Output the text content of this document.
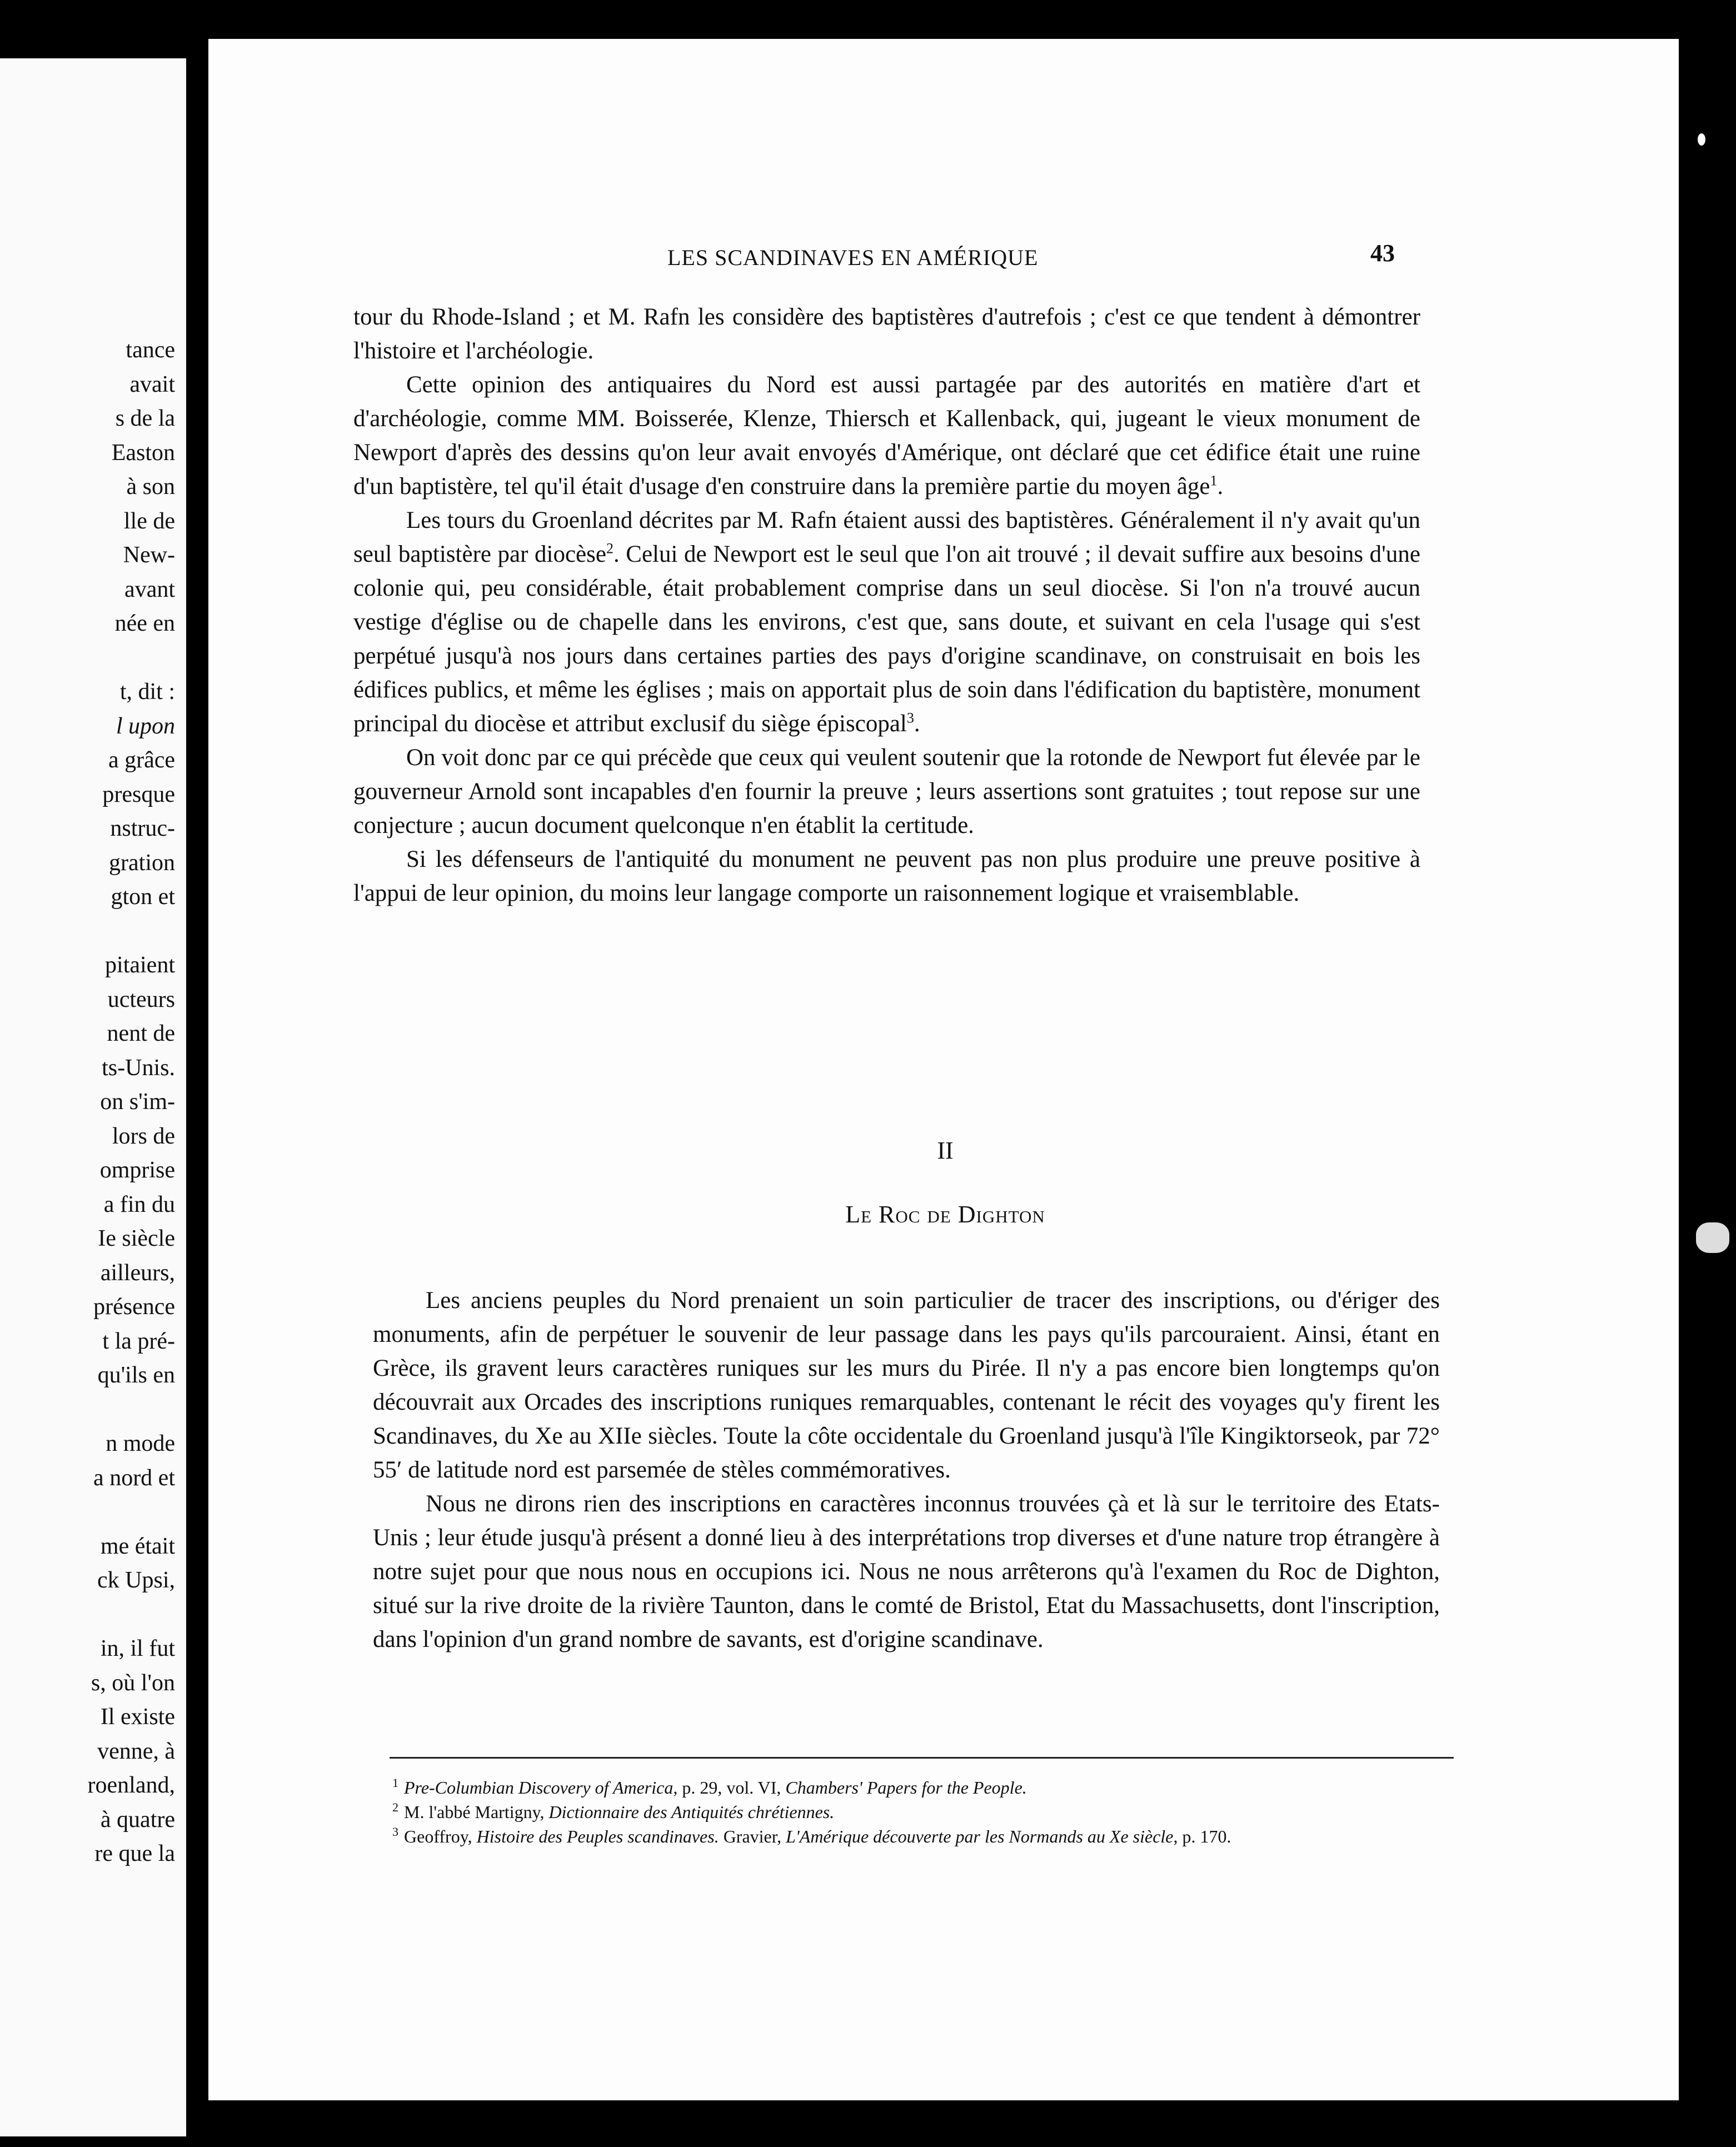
tance
avait
s de la
Easton
à son
lle de
New-
avant
née en
t, dit :
l upon
a grâce
presque
nstruc-
gration
gton et
pitaient
ucteurs
nent de
ts-Unis.
on s'im-
lors de
omprise
a fin du
Ie siècle
ailleurs,
présence
t la pré-
qu'ils en
n mode
a nord et
me était
ck Upsi,
in, il fut
s, où l'on
Il existe
venne, à
roenland,
à quatre
re que la
LES SCANDINAVES EN AMÉRIQUE	43

tour du Rhode-Island ; et M. Rafn les considère des baptistères d'autrefois ; c'est ce que tendent à démontrer l'histoire et l'archéologie.

Cette opinion des antiquaires du Nord est aussi partagée par des autorités en matière d'art et d'archéologie, comme MM. Boisserée, Klenze, Thiersch et Kallenback, qui, jugeant le vieux monument de Newport d'après des dessins qu'on leur avait envoyés d'Amérique, ont déclaré que cet édifice était une ruine d'un baptistère, tel qu'il était d'usage d'en construire dans la première partie du moyen âge$^1$.

Les tours du Groenland décrites par M. Rafn étaient aussi des baptistères. Généralement il n'y avait qu'un seul baptistère par diocèse$^2$. Celui de Newport est le seul que l'on ait trouvé ; il devait suffire aux besoins d'une colonie qui, peu considérable, était probablement comprise dans un seul diocèse. Si l'on n'a trouvé aucun vestige d'église ou de chapelle dans les environs, c'est que, sans doute, et suivant en cela l'usage qui s'est perpétué jusqu'à nos jours dans certaines parties des pays d'origine scandinave, on construisait en bois les édifices publics, et même les églises ; mais on apportait plus de soin dans l'édification du baptistère, monument principal du diocèse et attribut exclusif du siège épiscopal$^3$.

On voit donc par ce qui précède que ceux qui veulent soutenir que la rotonde de Newport fut élevée par le gouverneur Arnold sont incapables d'en fournir la preuve ; leurs assertions sont gratuites ; tout repose sur une conjecture ; aucun document quelconque n'en établit la certitude.

Si les défenseurs de l'antiquité du monument ne peuvent pas non plus produire une preuve positive à l'appui de leur opinion, du moins leur langage comporte un raisonnement logique et vraisemblable.

II
Le Roc de Dighton

Les anciens peuples du Nord prenaient un soin particulier de tracer des inscriptions, ou d'ériger des monuments, afin de perpétuer le souvenir de leur passage dans les pays qu'ils parcouraient. Ainsi, étant en Grèce, ils gravent leurs caractères runiques sur les murs du Pirée. Il n'y a pas encore bien longtemps qu'on découvrait aux Orcades des inscriptions runiques remarquables, contenant le récit des voyages qu'y firent les Scandinaves, du Xe au XIIe siècles. Toute la côte occidentale du Groenland jusqu'à l'île Kingiktorseok, par 72° 55′ de latitude nord est parsemée de stèles commémoratives.

Nous ne dirons rien des inscriptions en caractères inconnus trouvées çà et là sur le territoire des Etats-Unis ; leur étude jusqu'à présent a donné lieu à des interprétations trop diverses et d'une nature trop étrangère à notre sujet pour que nous nous en occupions ici. Nous ne nous arrêterons qu'à l'examen du Roc de Dighton, situé sur la rive droite de la rivière Taunton, dans le comté de Bristol, Etat du Massachusetts, dont l'inscription, dans l'opinion d'un grand nombre de savants, est d'origine scandinave.

$^1$ Pre-Columbian Discovery of America, p. 29, vol. VI, Chambers' Papers for the People.
$^2$ M. l'abbé Martigny, Dictionnaire des Antiquités chrétiennes.
$^3$ Geoffroy, Histoire des Peuples scandinaves. Gravier, L'Amérique découverte par les Normands au Xe siècle, p. 170.
